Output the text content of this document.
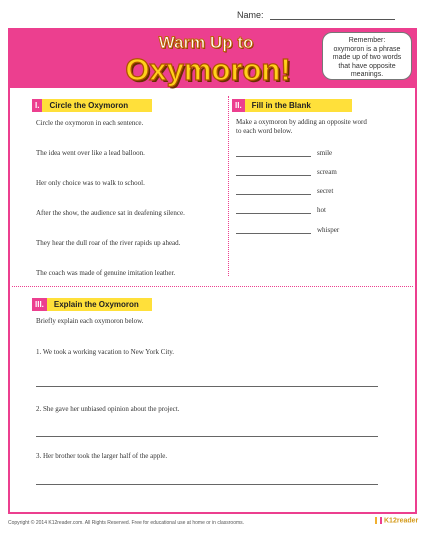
Name:
Warm Up to
Oxymoron!
Remember:
oxymoron is a phrase
made up of two words
that have opposite
meanings.
I.	Circle the Oxymoron
Circle the oxymoron in each sentence.
The idea went over like a lead balloon.
Her only choice was to walk to school.
After the show, the audience sat in deafening silence.
They hear the dull roar of the river rapids up ahead.
The coach was made of genuine imitation leather.
II.	Fill in the Blank
Make a oxymoron by adding an opposite word
to each word below.
smile
scream
secret
hot
whisper
III.	Explain the Oxymoron
Briefly explain each oxymoron below.
1. We took a working vacation to New York City.
2. She gave her unbiased opinion about the project.
3. Her brother took the larger half of the apple.
Copyright © 2014 K12reader.com. All Rights Reserved. Free for educational use at home or in classrooms.	K12reader
